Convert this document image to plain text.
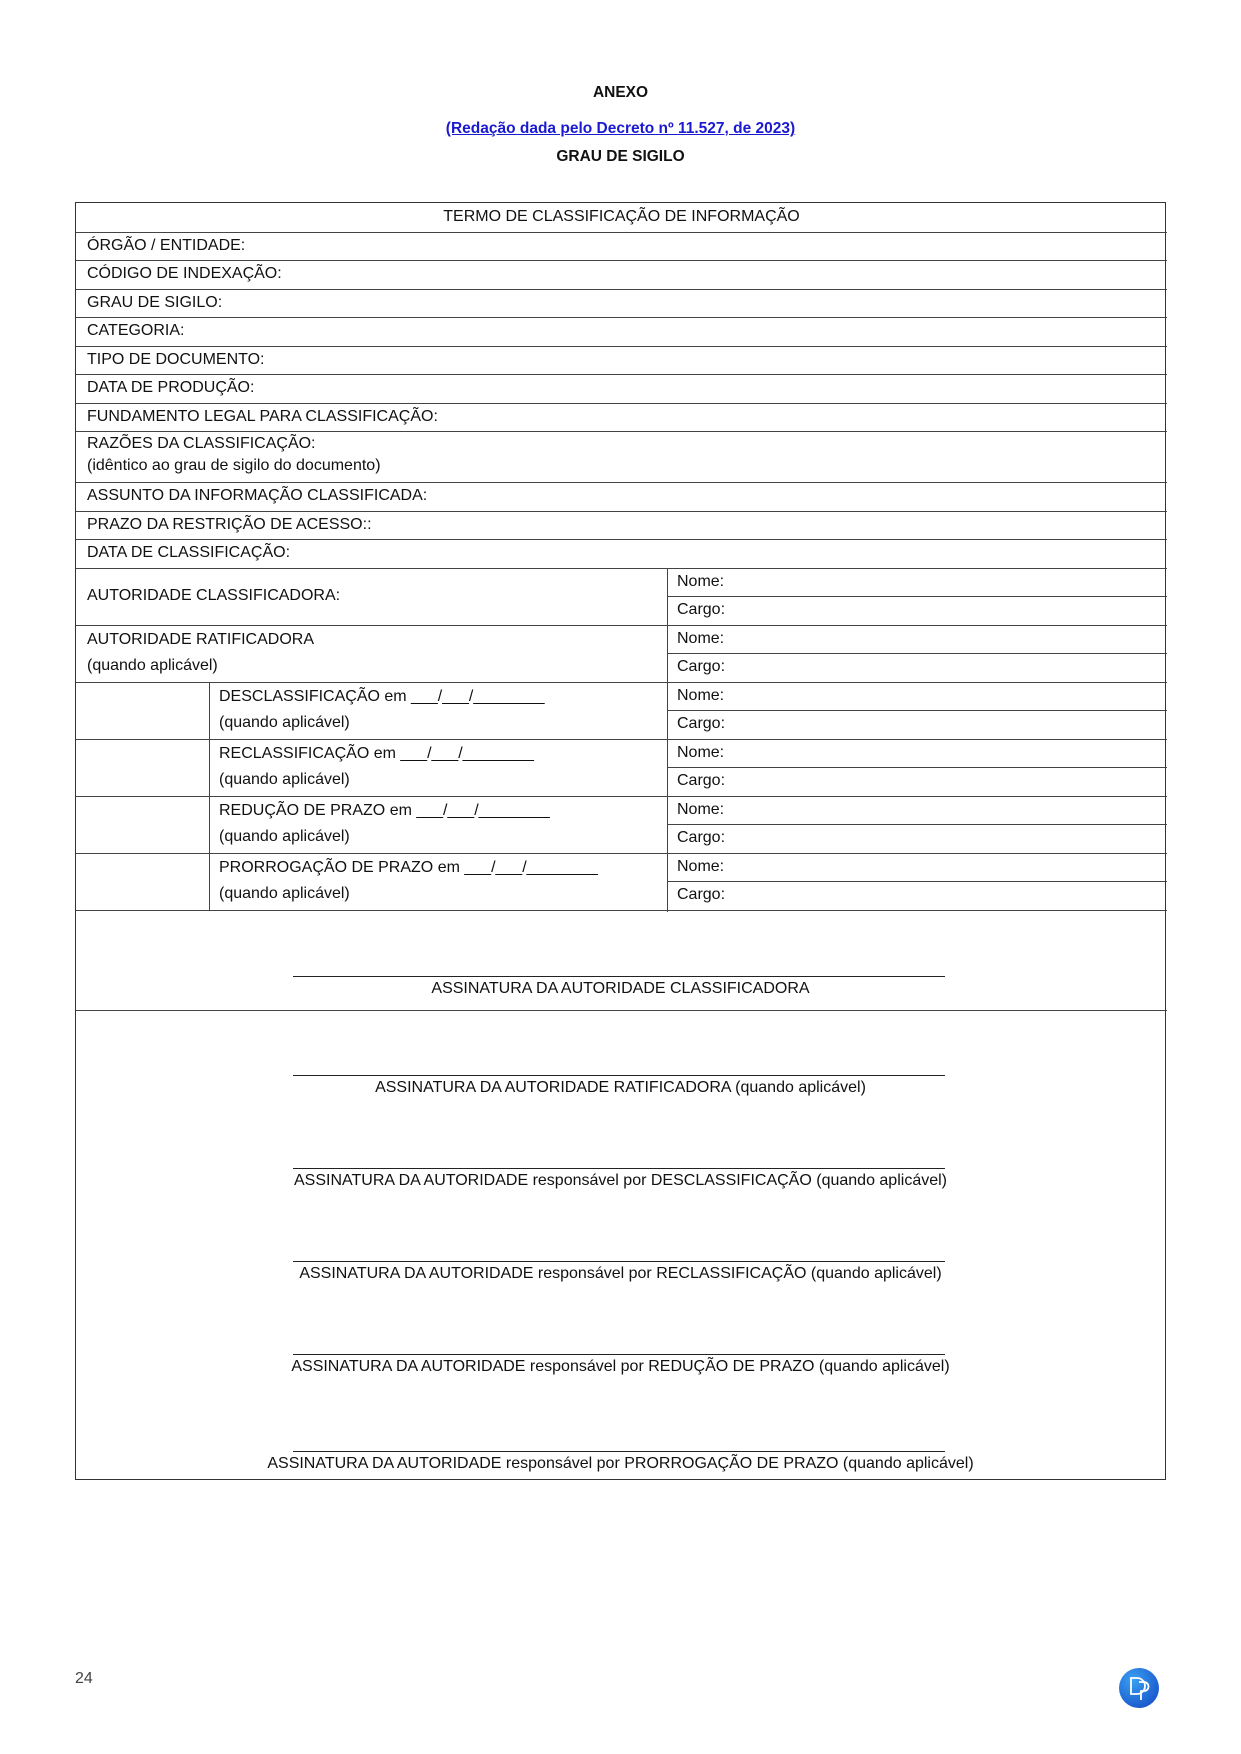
ANEXO
(Redação dada pelo Decreto nº 11.527, de 2023)
GRAU DE SIGILO
TERMO DE CLASSIFICAÇÃO DE INFORMAÇÃO
ÓRGÃO / ENTIDADE:
CÓDIGO DE INDEXAÇÃO:
GRAU DE SIGILO:
CATEGORIA:
TIPO DE DOCUMENTO:
DATA DE PRODUÇÃO:
FUNDAMENTO LEGAL PARA CLASSIFICAÇÃO:
RAZÕES DA CLASSIFICAÇÃO:
(idêntico ao grau de sigilo do documento)
ASSUNTO DA INFORMAÇÃO CLASSIFICADA:
PRAZO DA RESTRIÇÃO DE ACESSO::
DATA DE CLASSIFICAÇÃO:
AUTORIDADE CLASSIFICADORA:
Nome:
Cargo:
AUTORIDADE RATIFICADORA
(quando aplicável)
Nome:
Cargo:
DESCLASSIFICAÇÃO em ___/___/________
(quando aplicável)
Nome:
Cargo:
RECLASSIFICAÇÃO em ___/___/________
(quando aplicável)
Nome:
Cargo:
REDUÇÃO DE PRAZO em ___/___/________
(quando aplicável)
Nome:
Cargo:
PRORROGAÇÃO DE PRAZO em ___/___/________
(quando aplicável)
Nome:
Cargo:
24
ASSINATURA DA AUTORIDADE CLASSIFICADORA
ASSINATURA DA AUTORIDADE RATIFICADORA (quando aplicável)
ASSINATURA DA AUTORIDADE responsável por DESCLASSIFICAÇÃO (quando aplicável)
ASSINATURA DA AUTORIDADE responsável por RECLASSIFICAÇÃO (quando aplicável)
ASSINATURA DA AUTORIDADE responsável por REDUÇÃO DE PRAZO (quando aplicável)
ASSINATURA DA AUTORIDADE responsável por PRORROGAÇÃO DE PRAZO (quando aplicável)
